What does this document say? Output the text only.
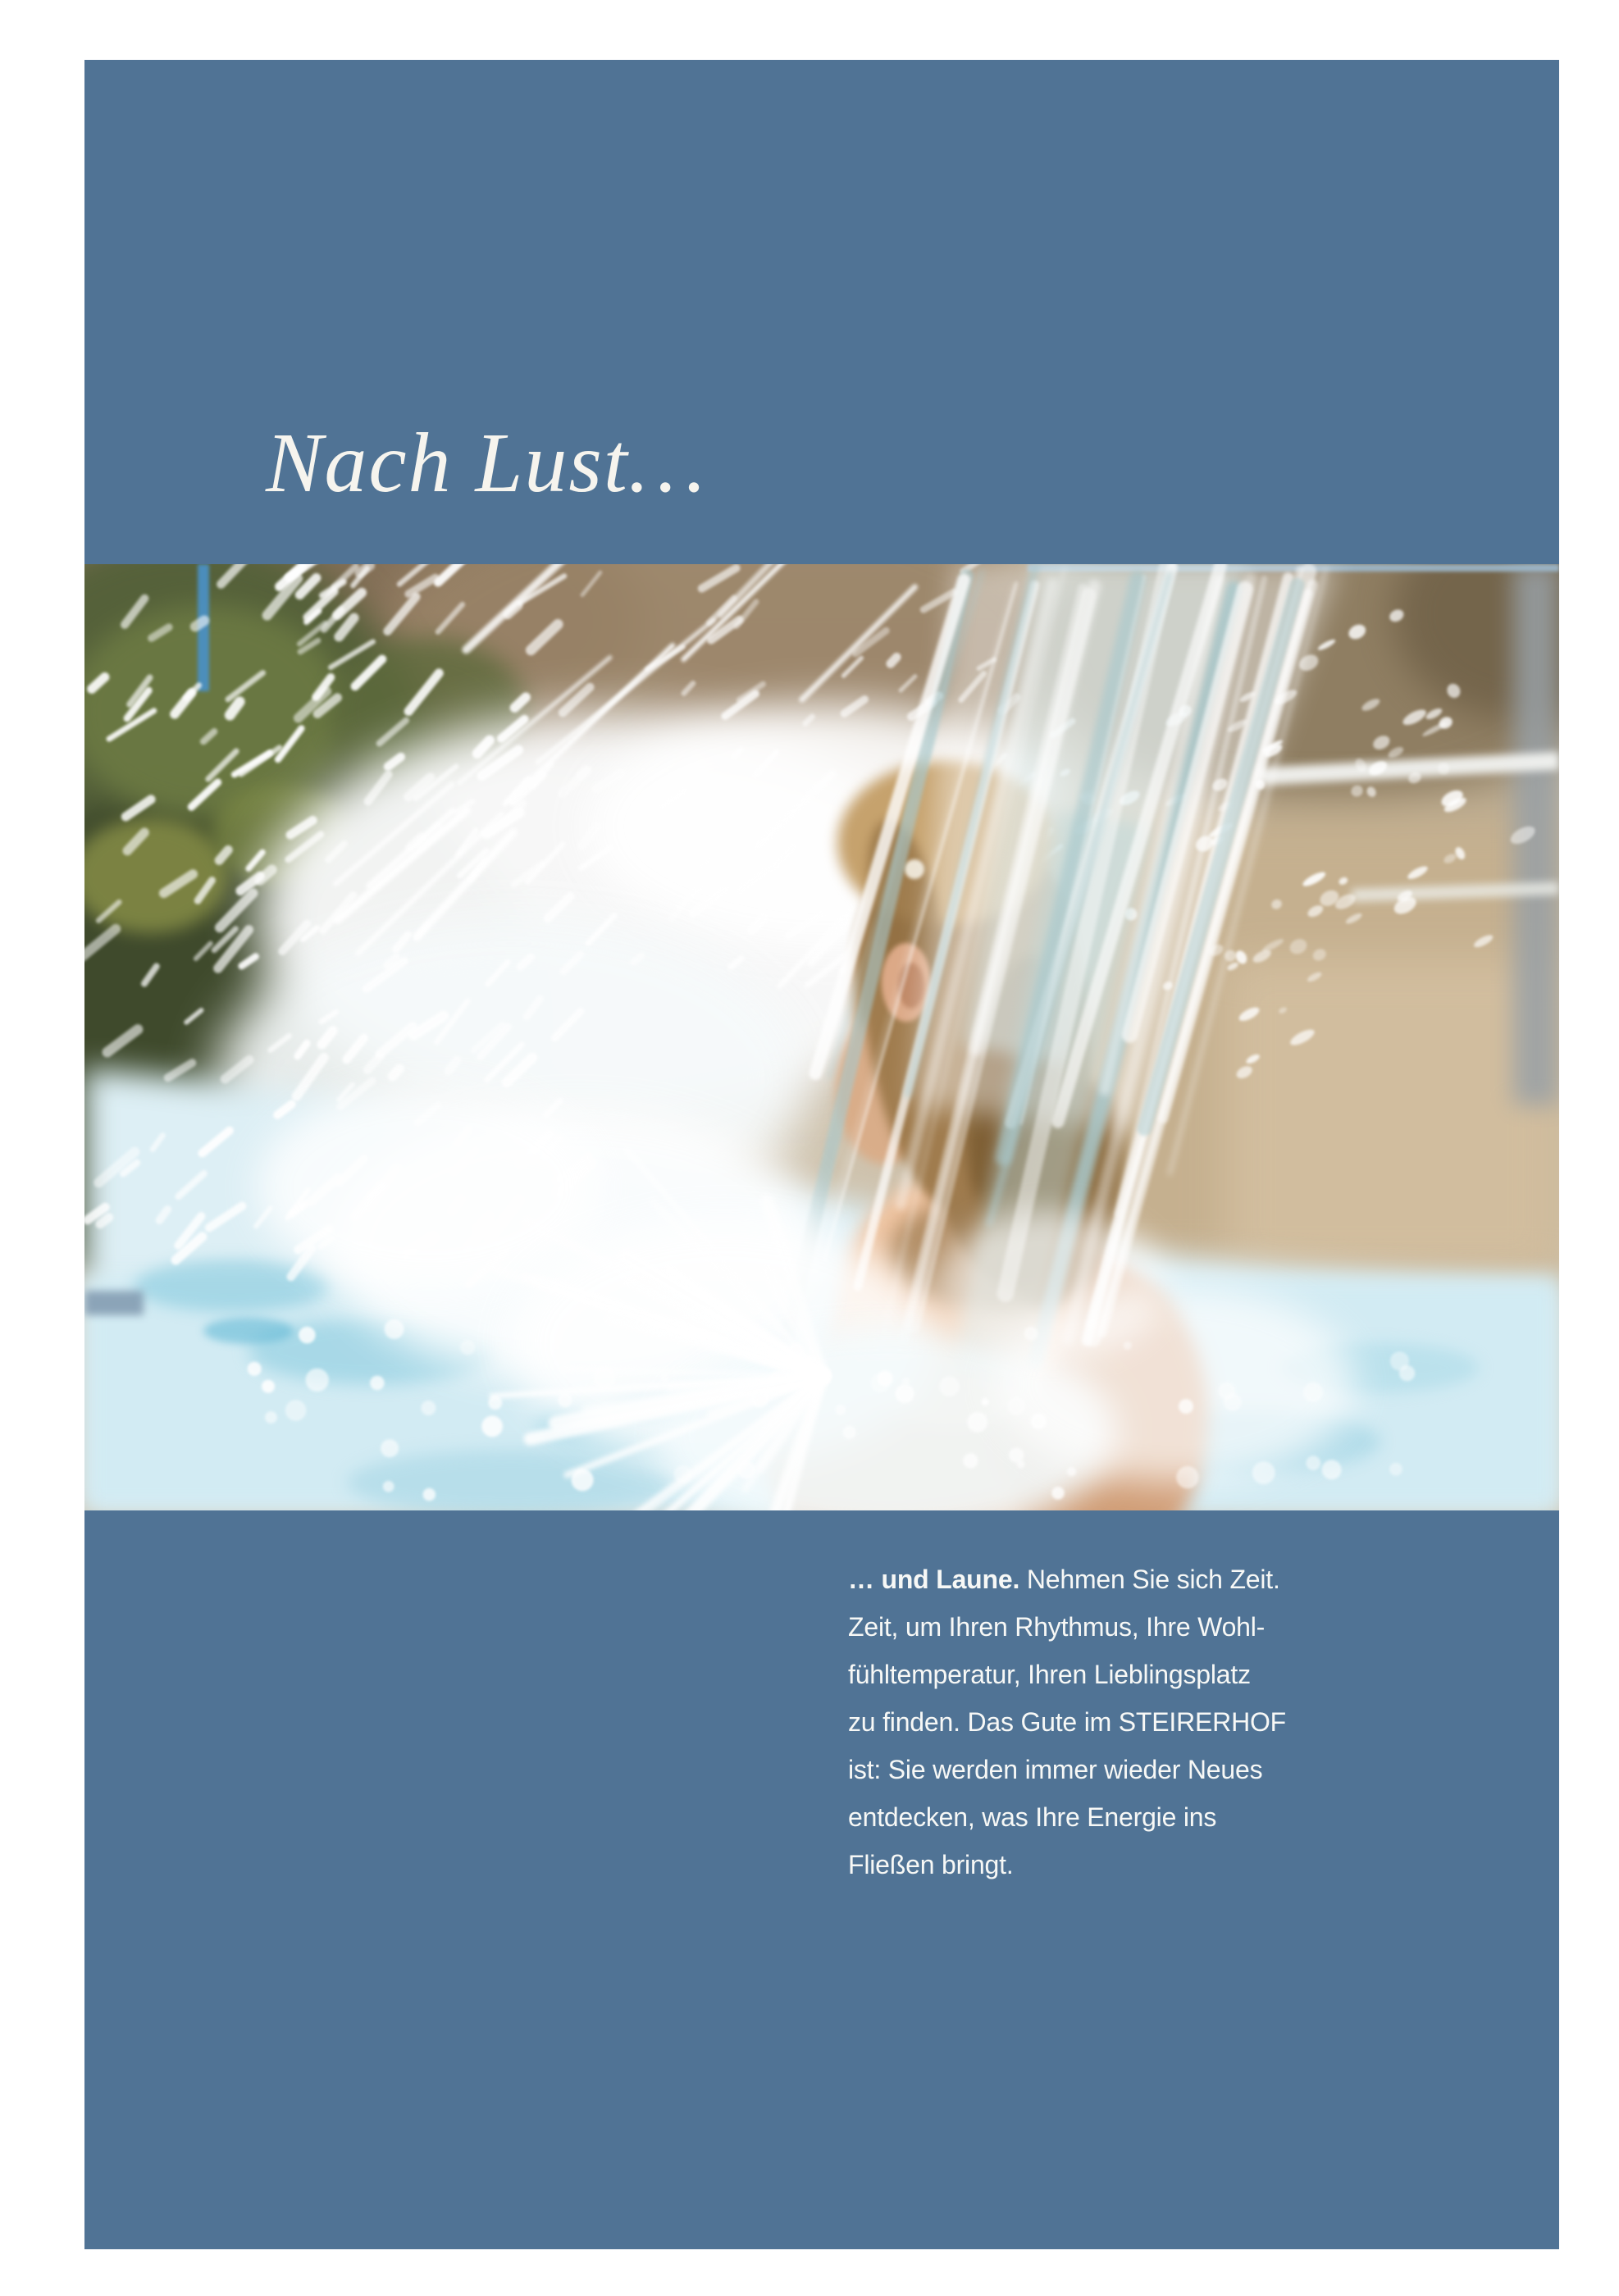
Nach Lust…

… und Laune. Nehmen Sie sich Zeit.
Zeit, um Ihren Rhythmus, Ihre Wohl-
fühltemperatur, Ihren Lieblingsplatz
zu finden. Das Gute im STEIRERHOF
ist: Sie werden immer wieder Neues
entdecken, was Ihre Energie ins
Fließen bringt.
